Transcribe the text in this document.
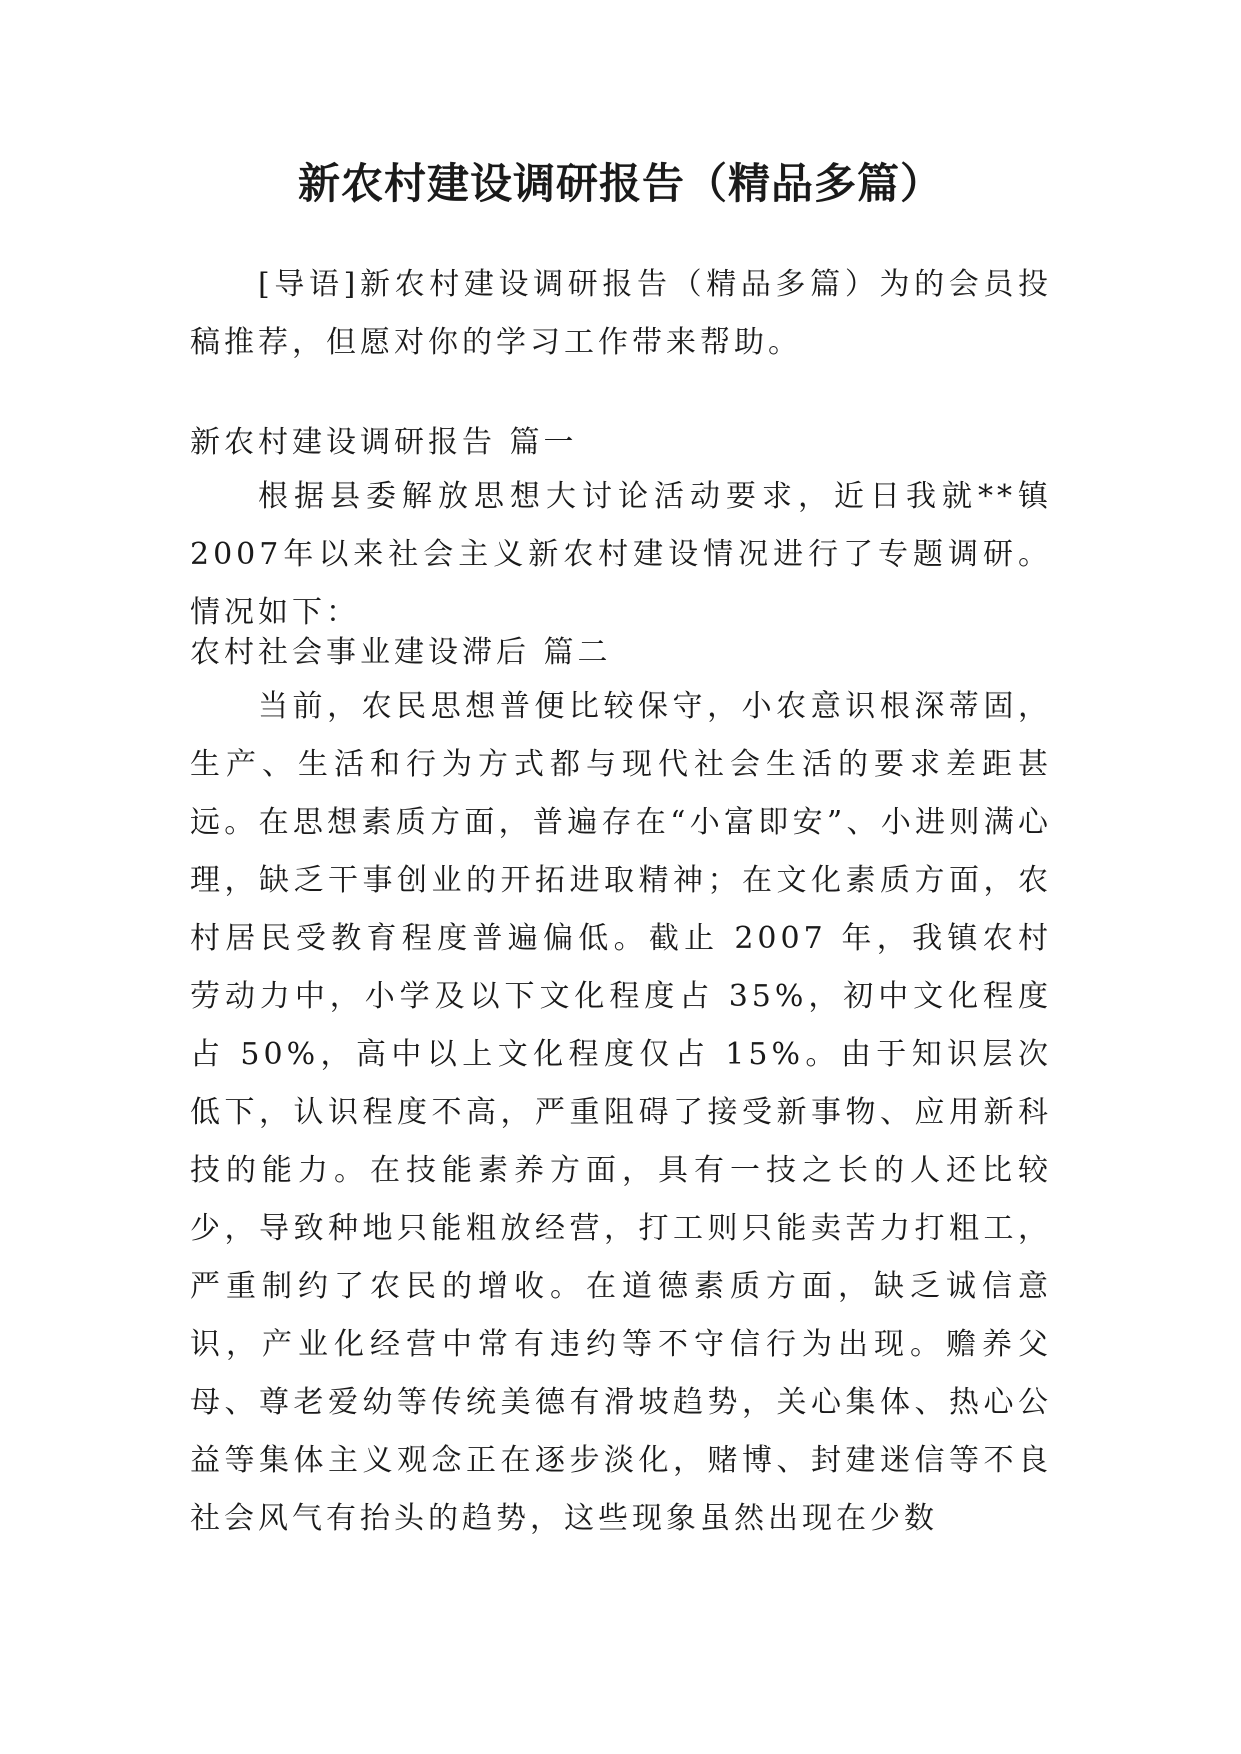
新农村建设调研报告（精品多篇）

[导语]新农村建设调研报告（精品多篇）为的会员投稿推荐，但愿对你的学习工作带来帮助。

新农村建设调研报告 篇一

根据县委解放思想大讨论活动要求，近日我就**镇 2007年以来社会主义新农村建设情况进行了专题调研。情况如下：

农村社会事业建设滞后 篇二

当前，农民思想普便比较保守，小农意识根深蒂固，生产、生活和行为方式都与现代社会生活的要求差距甚远。在思想素质方面，普遍存在“小富即安”、小进则满心理，缺乏干事创业的开拓进取精神；在文化素质方面，农村居民受教育程度普遍偏低。截止 2007 年，我镇农村劳动力中，小学及以下文化程度占 35%，初中文化程度占 50%，高中以上文化程度仅占 15%。由于知识层次低下，认识程度不高，严重阻碍了接受新事物、应用新科技的能力。在技能素养方面，具有一技之长的人还比较少，导致种地只能粗放经营，打工则只能卖苦力打粗工，严重制约了农民的增收。在道德素质方面，缺乏诚信意识，产业化经营中常有违约等不守信行为出现。赡养父母、尊老爱幼等传统美德有滑坡趋势，关心集体、热心公益等集体主义观念正在逐步淡化，赌博、封建迷信等不良社会风气有抬头的趋势，这些现象虽然出现在少数
